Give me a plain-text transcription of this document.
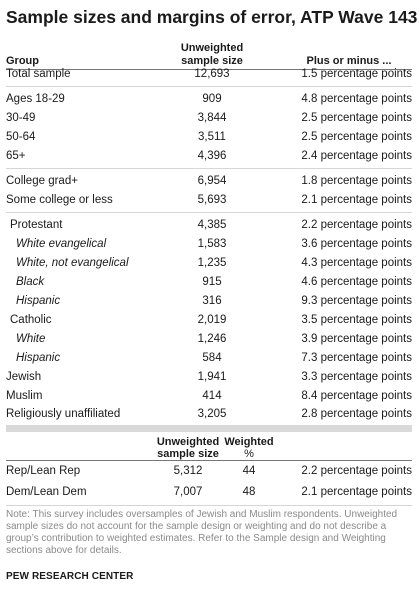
Sample sizes and margins of error, ATP Wave 143
Group
Unweighted sample size	Plus or minus ...
Total sample	12,693	1.5 percentage points
Ages 18-29	909	4.8 percentage points
30-49	3,844	2.5 percentage points
50-64	3,511	2.5 percentage points
65+	4,396	2.4 percentage points
College grad+	6,954	1.8 percentage points
Some college or less	5,693	2.1 percentage points
Protestant	4,385	2.2 percentage points
White evangelical	1,583	3.6 percentage points
White, not evangelical	1,235	4.3 percentage points
Black	915	4.6 percentage points
Hispanic	316	9.3 percentage points
Catholic	2,019	3.5 percentage points
White	1,246	3.9 percentage points
Hispanic	584	7.3 percentage points
Jewish	1,941	3.3 percentage points
Muslim	414	8.4 percentage points
Religiously unaffiliated	3,205	2.8 percentage points
Unweighted sample size
Weighted
%
Rep/Lean Rep	5,312	44	2.2 percentage points
Dem/Lean Dem	7,007	48	2.1 percentage points
Note: This survey includes oversamples of Jewish and Muslim respondents. Unweighted sample sizes do not account for the sample design or weighting and do not describe a group’s contribution to weighted estimates. Refer to the Sample design and Weighting sections above for details.
PEW RESEARCH CENTER
